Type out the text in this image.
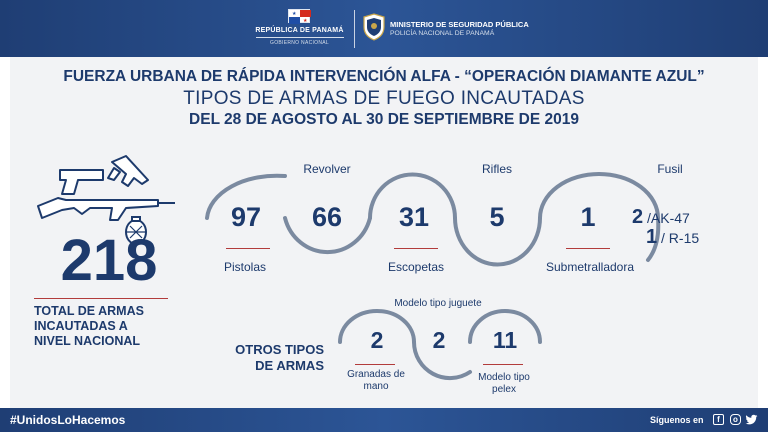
★
★
REPÚBLICA DE PANAMÁ
GOBIERNO NACIONAL
MINISTERIO DE SEGURIDAD PÚBLICA
POLICÍA NACIONAL DE PANAMÁ
FUERZA URBANA DE RÁPIDA INTERVENCIÓN ALFA - “OPERACIÓN DIAMANTE AZUL”
TIPOS DE ARMAS DE FUEGO INCAUTADAS
DEL 28 DE AGOSTO AL 30 DE SEPTIEMBRE DE 2019
218
TOTAL DE ARMAS INCAUTADAS A NIVEL NACIONAL
97
Pistolas
66
Revolver
31
Escopetas
5
Rifles
1
Submetralladora
Fusil
2 /AK-47
1 / R-15
OTROS TIPOS DE ARMAS
2
Granadas de mano
2
Modelo tipo juguete
11
Modelo tipo pelex
#UnidosLoHacemos	Síguenos en	f	o
